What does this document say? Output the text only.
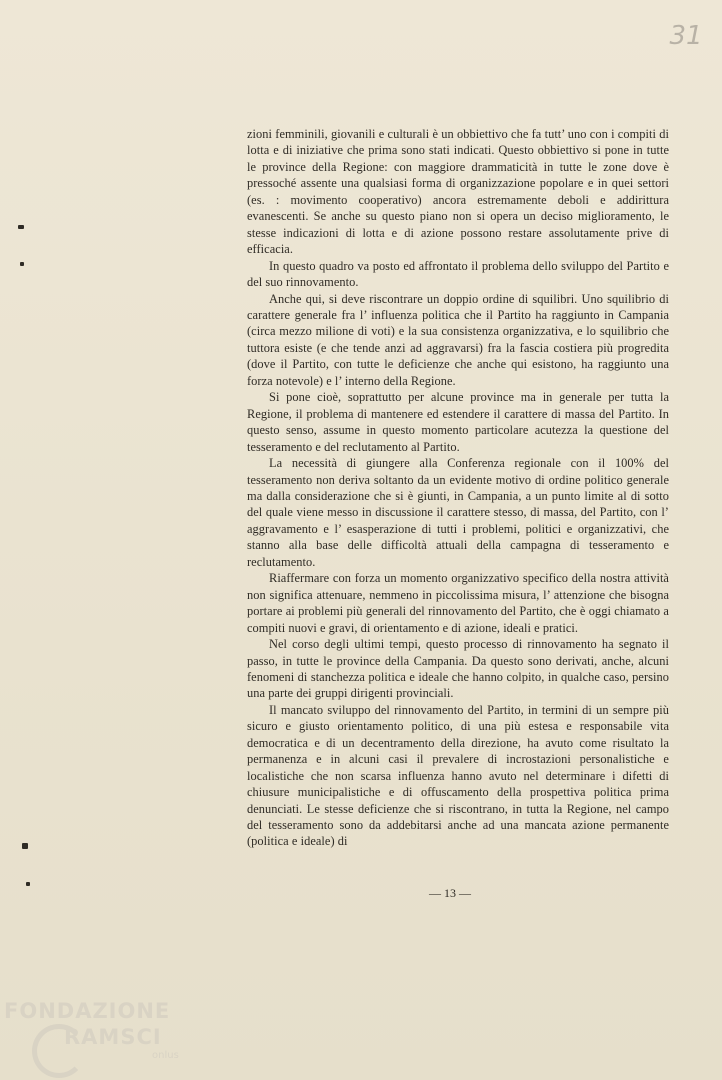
31

zioni femminili, giovanili e culturali è un obbiettivo che fa tutt’ uno con i compiti di lotta e di iniziative che prima sono stati indicati. Questo obbiettivo si pone in tutte le province della Regione: con maggiore drammaticità in tutte le zone dove è pressoché assente una qualsiasi forma di organizzazione popolare e in quei settori (es. : movimento cooperativo) ancora estremamente deboli e addirittura evanescenti. Se anche su questo piano non si opera un deciso miglioramento, le stesse indicazioni di lotta e di azione possono restare assolutamente prive di efficacia.

In questo quadro va posto ed affrontato il problema dello sviluppo del Partito e del suo rinnovamento.

Anche qui, si deve riscontrare un doppio ordine di squilibri. Uno squilibrio di carattere generale fra l’ influenza politica che il Partito ha raggiunto in Campania (circa mezzo milione di voti) e la sua consistenza organizzativa, e lo squilibrio che tuttora esiste (e che tende anzi ad aggravarsi) fra la fascia costiera più progredita (dove il Partito, con tutte le deficienze che anche qui esistono, ha raggiunto una forza notevole) e l’ interno della Regione.

Si pone cioè, soprattutto per alcune province ma in generale per tutta la Regione, il problema di mantenere ed estendere il carattere di massa del Partito. In questo senso, assume in questo momento particolare acutezza la questione del tesseramento e del reclutamento al Partito.

La necessità di giungere alla Conferenza regionale con il 100% del tesseramento non deriva soltanto da un evidente motivo di ordine politico generale ma dalla considerazione che si è giunti, in Campania, a un punto limite al di sotto del quale viene messo in discussione il carattere stesso, di massa, del Partito, con l’ aggravamento e l’ esasperazione di tutti i problemi, politici e organizzativi, che stanno alla base delle difficoltà attuali della campagna di tesseramento e reclutamento.

Riaffermare con forza un momento organizzativo specifico della nostra attività non significa attenuare, nemmeno in piccolissima misura, l’ attenzione che bisogna portare ai problemi più generali del rinnovamento del Partito, che è oggi chiamato a compiti nuovi e gravi, di orientamento e di azione, ideali e pratici.

Nel corso degli ultimi tempi, questo processo di rinnovamento ha segnato il passo, in tutte le province della Campania. Da questo sono derivati, anche, alcuni fenomeni di stanchezza politica e ideale che hanno colpito, in qualche caso, persino una parte dei gruppi dirigenti provinciali.

Il mancato sviluppo del rinnovamento del Partito, in termini di un sempre più sicuro e giusto orientamento politico, di una più estesa e responsabile vita democratica e di un decentramento della direzione, ha avuto come risultato la permanenza e in alcuni casi il prevalere di incrostazioni personalistiche e localistiche che non scarsa influenza hanno avuto nel determinare i difetti di chiusure municipalistiche e di offuscamento della prospettiva politica prima denunciati. Le stesse deficienze che si riscontrano, in tutta la Regione, nel campo del tesseramento sono da addebitarsi anche ad una mancata azione permanente (politica e ideale) di

— 13 —
FONDAZIONE
RAMSCI
onlus
